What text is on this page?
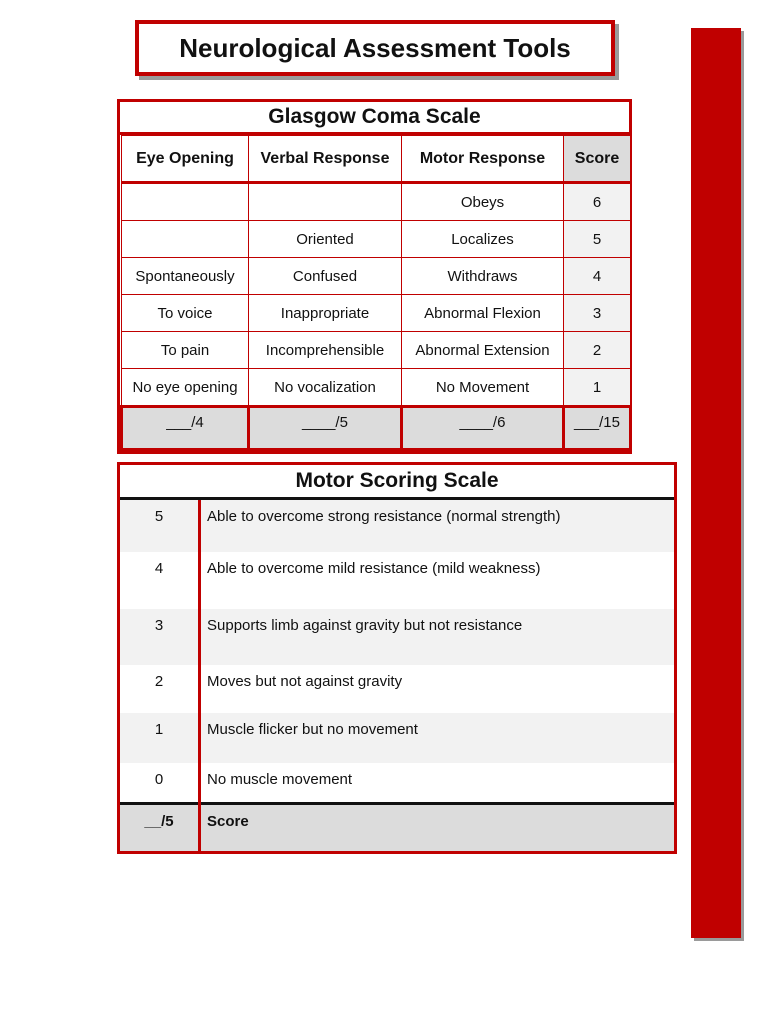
Neurological Assessment Tools
Glasgow Coma Scale
Eye Opening	Verbal Response	Motor Response	Score
		Obeys	6
	Oriented	Localizes	5
Spontaneously	Confused	Withdraws	4
To voice	Inappropriate	Abnormal Flexion	3
To pain	Incomprehensible	Abnormal Extension	2
No eye opening	No vocalization	No Movement	1
___/4	____/5	____/6	___/15
Motor Scoring Scale
5	Able to overcome strong resistance (normal strength)
4	Able to overcome mild resistance (mild weakness)
3	Supports limb against gravity but not resistance
2	Moves but not against gravity
1	Muscle flicker but no movement
0	No muscle movement
__/5	Score
